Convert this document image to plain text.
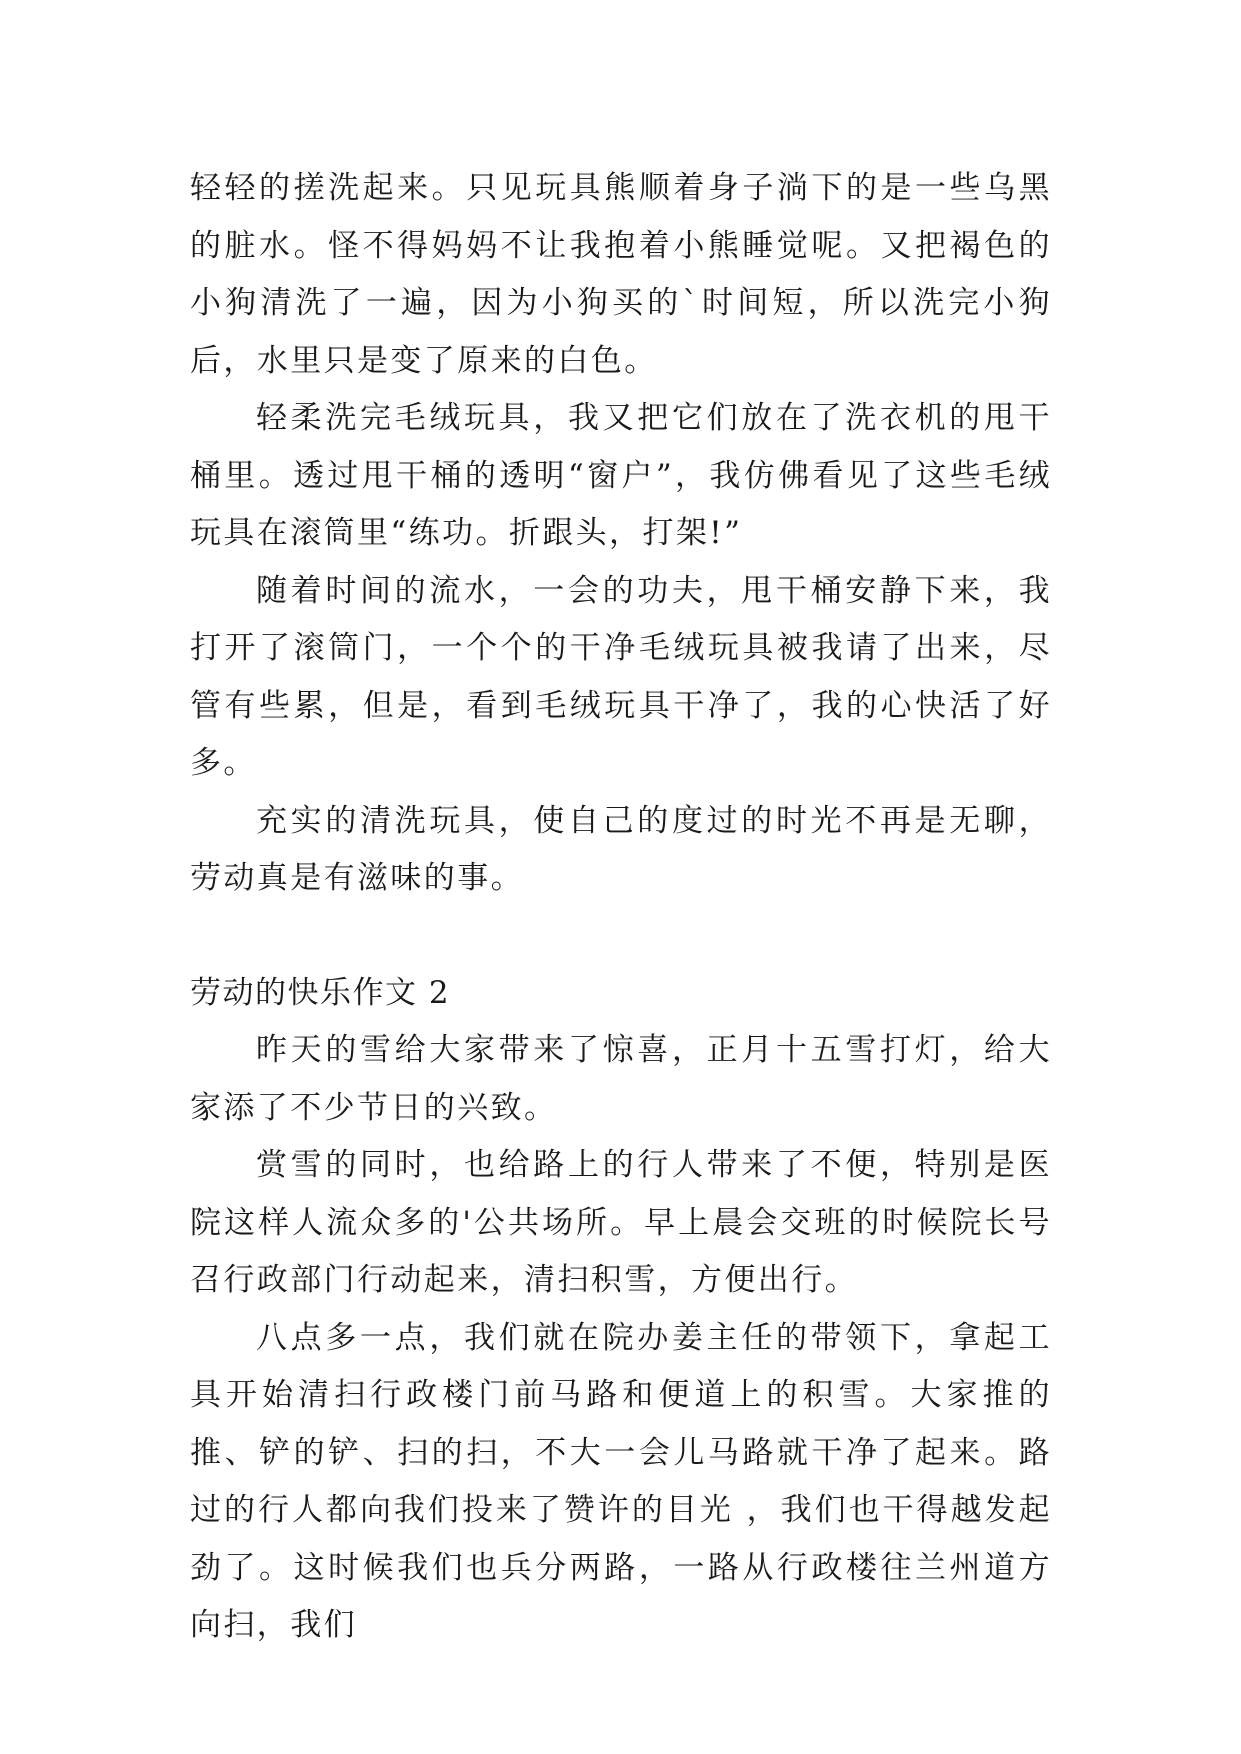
轻轻的搓洗起来。只见玩具熊顺着身子淌下的是一些乌黑的脏水。怪不得妈妈不让我抱着小熊睡觉呢。又把褐色的小狗清洗了一遍，因为小狗买的`时间短，所以洗完小狗后，水里只是变了原来的白色。

轻柔洗完毛绒玩具，我又把它们放在了洗衣机的甩干桶里。透过甩干桶的透明“窗户”，我仿佛看见了这些毛绒玩具在滚筒里“练功。折跟头，打架!”

随着时间的流水，一会的功夫，甩干桶安静下来，我打开了滚筒门，一个个的干净毛绒玩具被我请了出来，尽管有些累，但是，看到毛绒玩具干净了，我的心快活了好多。

充实的清洗玩具，使自己的度过的时光不再是无聊，劳动真是有滋味的事。

劳动的快乐作文 2

昨天的雪给大家带来了惊喜，正月十五雪打灯，给大家添了不少节日的兴致。

赏雪的同时，也给路上的行人带来了不便，特别是医院这样人流众多的'公共场所。早上晨会交班的时候院长号召行政部门行动起来，清扫积雪，方便出行。

八点多一点，我们就在院办姜主任的带领下，拿起工具开始清扫行政楼门前马路和便道上的积雪。大家推的推、铲的铲、扫的扫，不大一会儿马路就干净了起来。路过的行人都向我们投来了赞许的目光 ，我们也干得越发起劲了。这时候我们也兵分两路，一路从行政楼往兰州道方向扫，我们
